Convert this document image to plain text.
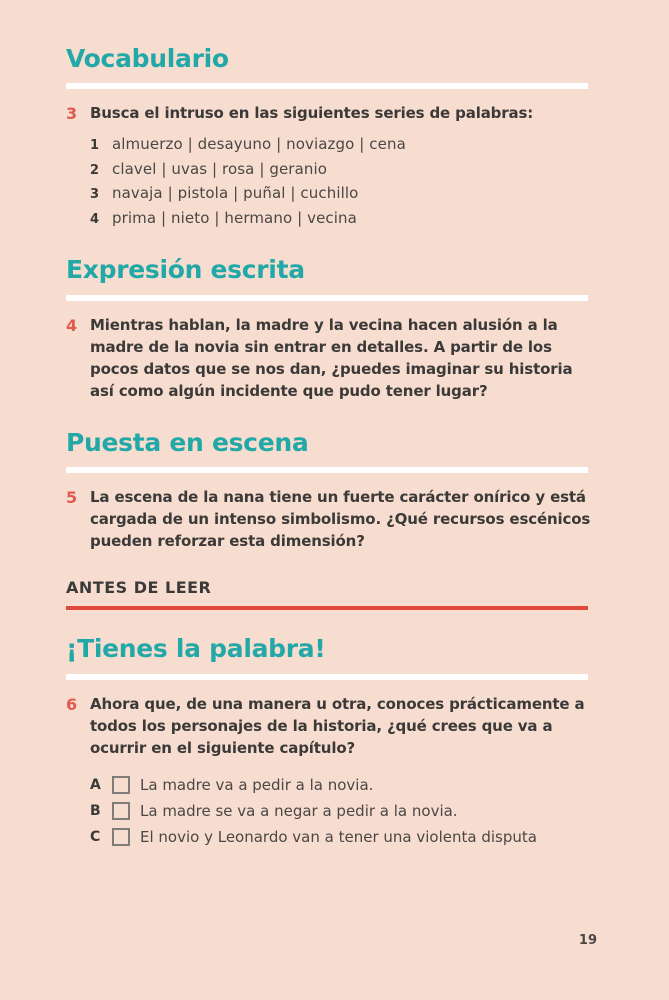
Vocabulario
3 Busca el intruso en las siguientes series de palabras:
1 almuerzo | desayuno | noviazgo | cena
2 clavel | uvas | rosa | geranio
3 navaja | pistola | puñal | cuchillo
4 prima | nieto | hermano | vecina
Expresión escrita
4 Mientras hablan, la madre y la vecina hacen alusión a la madre de la novia sin entrar en detalles. A partir de los pocos datos que se nos dan, ¿puedes imaginar su historia así como algún incidente que pudo tener lugar?
Puesta en escena
5 La escena de la nana tiene un fuerte carácter onírico y está cargada de un intenso simbolismo. ¿Qué recursos escénicos pueden reforzar esta dimensión?
ANTES DE LEER
¡Tienes la palabra!
6 Ahora que, de una manera u otra, conoces prácticamente a todos los personajes de la historia, ¿qué crees que va a ocurrir en el siguiente capítulo?
A	La madre va a pedir a la novia.
B	La madre se va a negar a pedir a la novia.
C	El novio y Leonardo van a tener una violenta disputa
19
